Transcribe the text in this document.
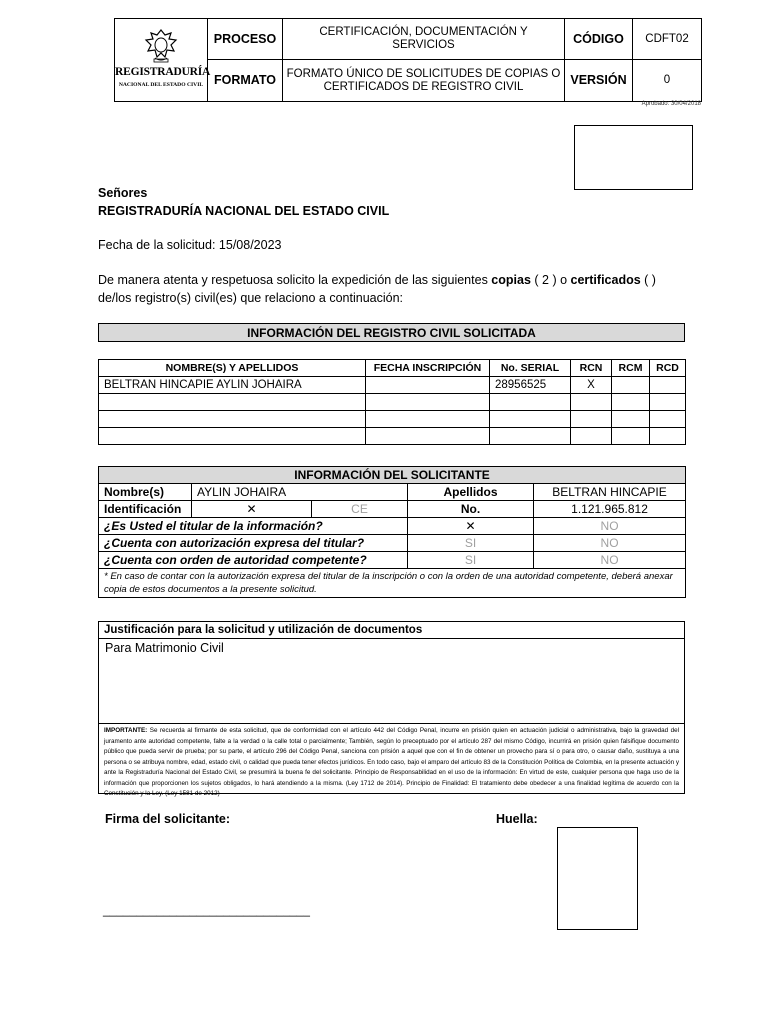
REGISTRADURÍA
NACIONAL DEL ESTADO CIVIL	PROCESO	CERTIFICACIÓN, DOCUMENTACIÓN Y SERVICIOS	CÓDIGO	CDFT02
	FORMATO	FORMATO ÚNICO DE SOLICITUDES DE COPIAS O CERTIFICADOS DE REGISTRO CIVIL	VERSIÓN	0
Aprobado: 30/04/2018
Señores
REGISTRADURÍA NACIONAL DEL ESTADO CIVIL
Fecha de la solicitud: 15/08/2023
De manera atenta y respetuosa solicito la expedición de las siguientes copias ( 2 ) o certificados ( )
de/los registro(s) civil(es) que relaciono a continuación:
INFORMACIÓN DEL REGISTRO CIVIL SOLICITADA
NOMBRE(S) Y APELLIDOS	FECHA INSCRIPCIÓN	No. SERIAL	RCN	RCM	RCD
BELTRAN HINCAPIE AYLIN JOHAIRA		28956525	X		

INFORMACIÓN DEL SOLICITANTE				
Nombre(s)	AYLIN JOHAIRA		Apellidos	BELTRAN HINCAPIE
Identificación	✕	CE	No.	1.121.965.812
¿Es Usted el titular de la información?			✕	NO
¿Cuenta con autorización expresa del titular?			SI	NO
¿Cuenta con orden de autoridad competente?			SI	NO
* En caso de contar con la autorización expresa del titular de la inscripción o con la orden de una autoridad competente, deberá anexar copia de estos documentos a la presente solicitud.				
Justificación para la solicitud y utilización de documentos
Para Matrimonio Civil
IMPORTANTE: Se recuerda al firmante de esta solicitud, que de conformidad con el artículo 442 del Código Penal, incurre en prisión quien en actuación judicial o administrativa, bajo la gravedad del juramento ante autoridad competente, falte a la verdad o la calle total o parcialmente; También, según lo preceptuado por el artículo 287 del mismo Código, incurrirá en prisión quien falsifique documento público que pueda servir de prueba; por su parte, el artículo 296 del Código Penal, sanciona con prisión a aquel que con el fin de obtener un provecho para sí o para otro, o causar daño, sustituya a una persona o se atribuya nombre, edad, estado civil, o calidad que pueda tener efectos jurídicos. En todo caso, bajo el amparo del artículo 83 de la Constitución Política de Colombia, en la presente actuación y ante la Registraduría Nacional del Estado Civil, se presumirá la buena fe del solicitante. Principio de Responsabilidad en el uso de la información: En virtud de este, cualquier persona que haga uso de la información que proporcionen los sujetos obligados, lo hará atendiendo a la misma. (Ley 1712 de 2014). Principio de Finalidad: El tratamiento debe obedecer a una finalidad legítima de acuerdo con la Constitución y la Ley. (Ley 1581 de 2012)
Firma del solicitante:	Huella:
_______________________________
